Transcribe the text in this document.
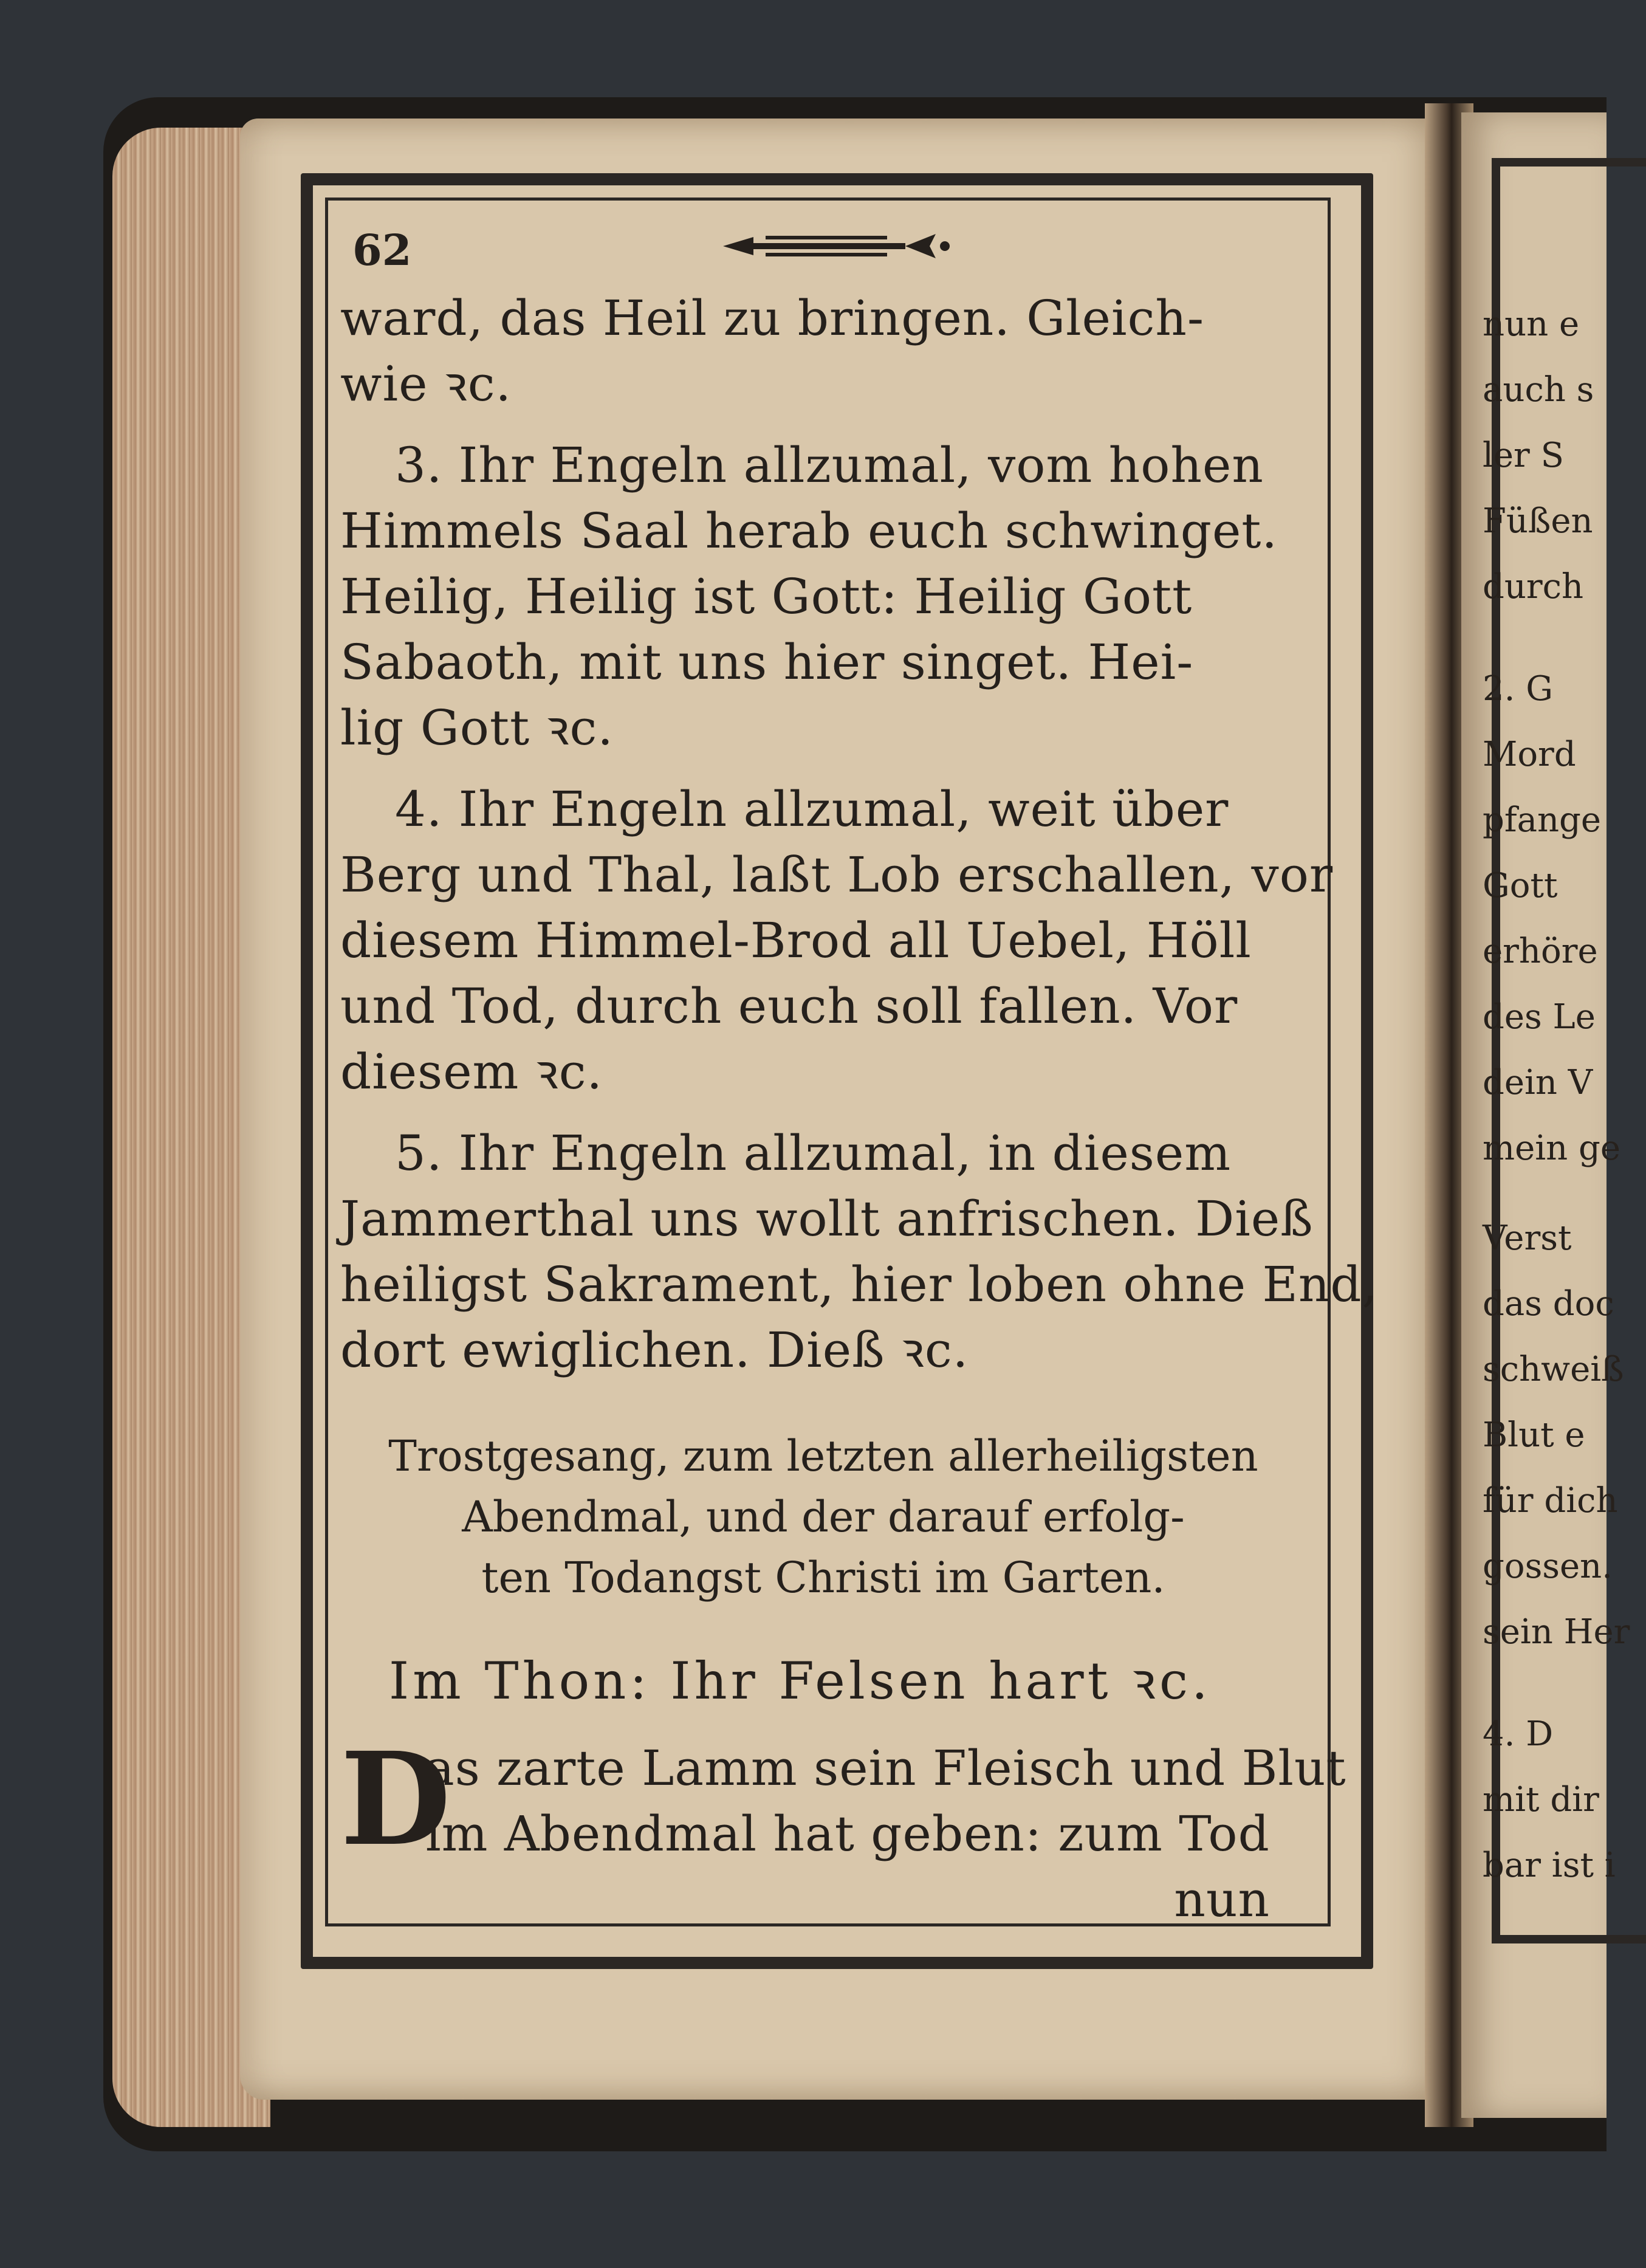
nun e
auch s
ler S
Füßen
durch
2. G
Mord
pfange
Gott
erhöre
des Le
dein V
mein ge
Verst
das doc
schweiß
Blut e
für dich
gossen.
sein Her
4. D
mit dir
bar ist i
62
ward, das Heil zu bringen. Gleich-
wie ꝛc.
3. Ihr Engeln allzumal, vom hohen
Himmels Saal herab euch schwinget.
Heilig, Heilig ist Gott: Heilig Gott
Sabaoth, mit uns hier singet. Hei-
lig Gott ꝛc.
4. Ihr Engeln allzumal, weit über
Berg und Thal, laßt Lob erschallen, vor
diesem Himmel-Brod all Uebel, Höll
und Tod, durch euch soll fallen. Vor
diesem ꝛc.
5. Ihr Engeln allzumal, in diesem
Jammerthal uns wollt anfrischen. Dieß
heiligst Sakrament, hier loben ohne End,
dort ewiglichen. Dieß ꝛc.
Trostgesang, zum letzten allerheiligsten
Abendmal, und der darauf erfolg-
ten Todangst Christi im Garten.
Im Thon: Ihr Felsen hart ꝛc.
D
as zarte Lamm sein Fleisch und Blut
im Abendmal hat geben: zum Tod
nun
